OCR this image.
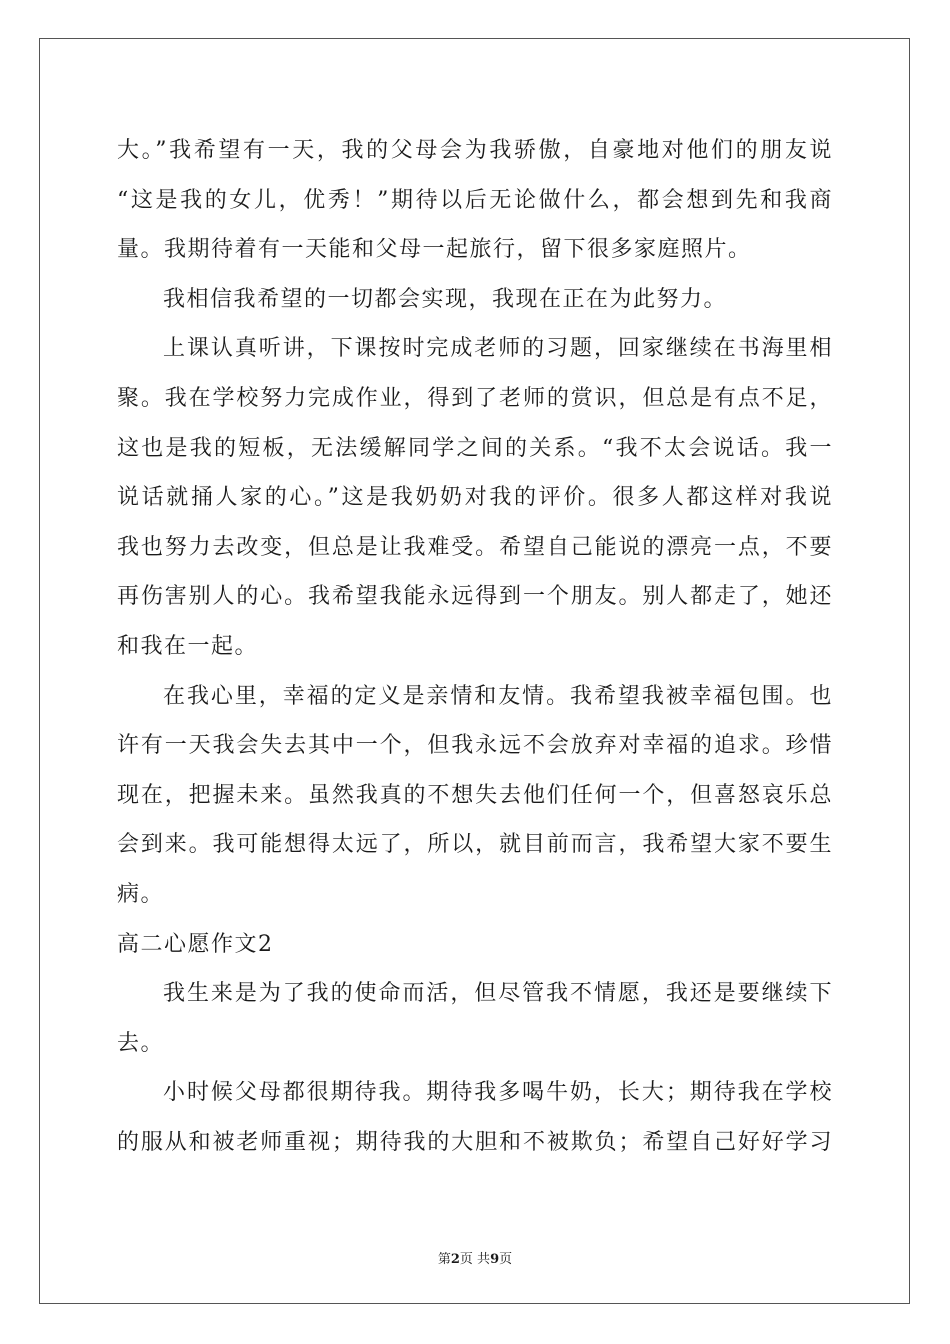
大。”我希望有一天，我的父母会为我骄傲，自豪地对他们的朋友说
“这是我的女儿，优秀！”期待以后无论做什么，都会想到先和我商
量。我期待着有一天能和父母一起旅行，留下很多家庭照片。
我相信我希望的一切都会实现，我现在正在为此努力。
上课认真听讲，下课按时完成老师的习题，回家继续在书海里相
聚。我在学校努力完成作业，得到了老师的赏识，但总是有点不足，
这也是我的短板，无法缓解同学之间的关系。“我不太会说话。我一
说话就捅人家的心。”这是我奶奶对我的评价。很多人都这样对我说
我也努力去改变，但总是让我难受。希望自己能说的漂亮一点，不要
再伤害别人的心。我希望我能永远得到一个朋友。别人都走了，她还
和我在一起。
在我心里，幸福的定义是亲情和友情。我希望我被幸福包围。也
许有一天我会失去其中一个，但我永远不会放弃对幸福的追求。珍惜
现在，把握未来。虽然我真的不想失去他们任何一个，但喜怒哀乐总
会到来。我可能想得太远了，所以，就目前而言，我希望大家不要生
病。
高二心愿作文2
我生来是为了我的使命而活，但尽管我不情愿，我还是要继续下
去。
小时候父母都很期待我。期待我多喝牛奶，长大；期待我在学校
的服从和被老师重视；期待我的大胆和不被欺负；希望自己好好学习
第2页 共9页
